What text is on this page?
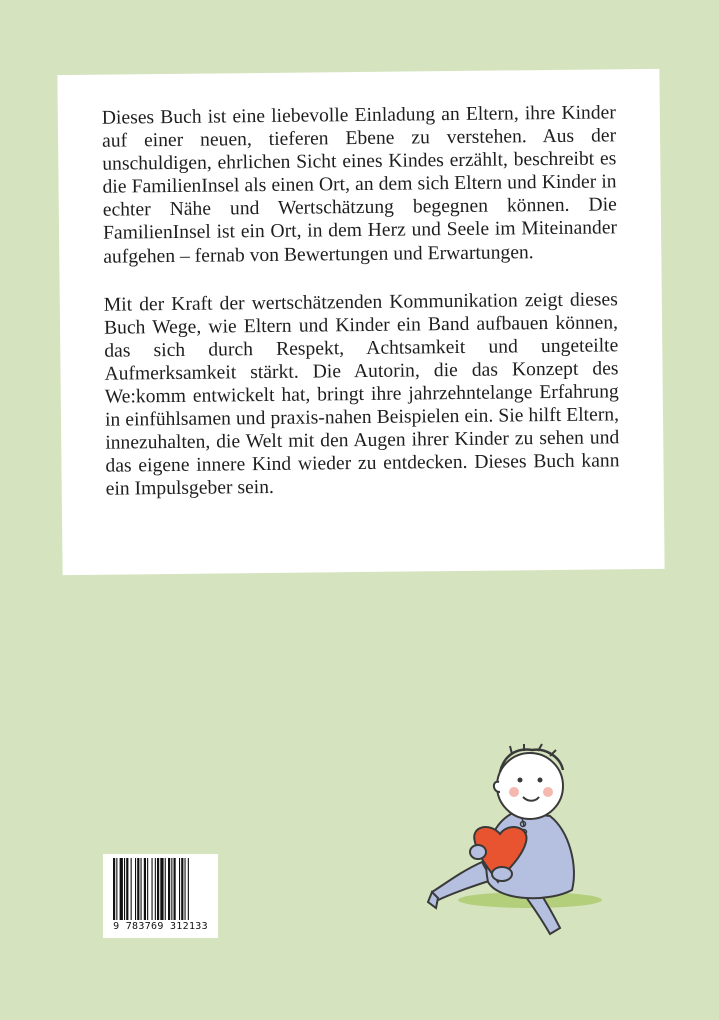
Dieses Buch ist eine liebevolle Einladung an Eltern, ihre Kinder auf einer neuen, tieferen Ebene zu verstehen. Aus der unschuldigen, ehrlichen Sicht eines Kindes erzählt, beschreibt es die FamilienInsel als einen Ort, an dem sich Eltern und Kinder in echter Nähe und Wertschätzung begegnen können. Die FamilienInsel ist ein Ort, in dem Herz und Seele im Miteinander aufgehen – fernab von Bewertungen und Erwartungen.

Mit der Kraft der wertschätzenden Kommunikation zeigt dieses Buch Wege, wie Eltern und Kinder ein Band aufbauen können, das sich durch Respekt, Achtsamkeit und ungeteilte Aufmerksamkeit stärkt. Die Autorin, die das Konzept des We:komm entwickelt hat, bringt ihre jahrzehntelange Erfahrung in einfühlsamen und praxis-nahen Beispielen ein. Sie hilft Eltern, innezuhalten, die Welt mit den Augen ihrer Kinder zu sehen und das eigene innere Kind wieder zu entdecken. Dieses Buch kann ein Impulsgeber sein.

9 783769 312133
